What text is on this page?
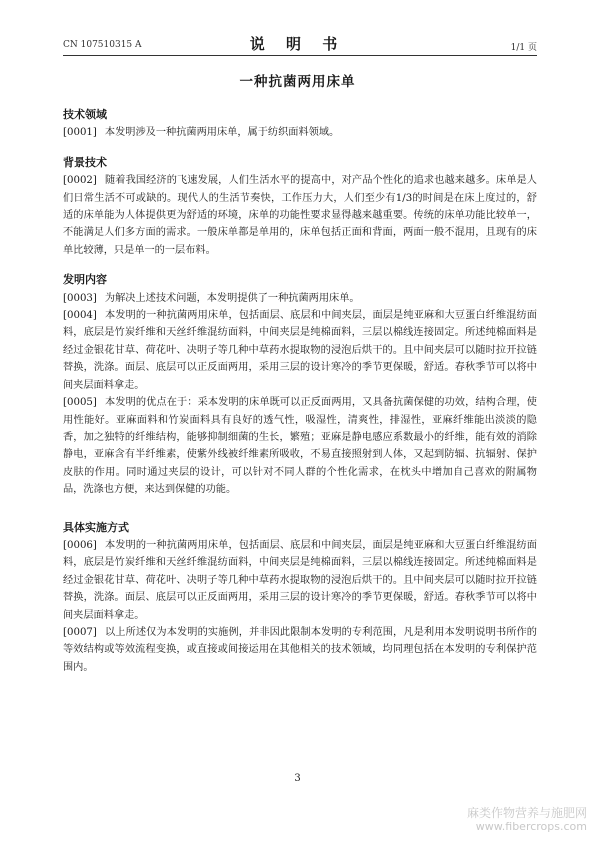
CN 107510315 A	说 明 书	1/1 页
一种抗菌两用床单
技术领域
[0001] 本发明涉及一种抗菌两用床单，属于纺织面料领域。
背景技术
[0002] 随着我国经济的飞速发展，人们生活水平的提高中，对产品个性化的追求也越来越多。床单是人们日常生活不可或缺的。现代人的生活节奏快，工作压力大，人们至少有1/3的时间是在床上度过的，舒适的床单能为人体提供更为舒适的环境，床单的功能性要求显得越来越重要。传统的床单功能比较单一，不能满足人们多方面的需求。一般床单都是单用的，床单包括正面和背面，两面一般不混用，且现有的床单比较薄，只是单一的一层布料。
发明内容
[0003] 为解决上述技术问题，本发明提供了一种抗菌两用床单。
[0004] 本发明的一种抗菌两用床单，包括面层、底层和中间夹层，面层是纯亚麻和大豆蛋白纤维混纺面料，底层是竹炭纤维和天丝纤维混纺面料，中间夹层是纯棉面料，三层以棉线连接固定。所述纯棉面料是经过金银花甘草、荷花叶、决明子等几种中草药水提取物的浸泡后烘干的。且中间夹层可以随时拉开拉链替换，洗涤。面层、底层可以正反面两用，采用三层的设计寒冷的季节更保暖，舒适。春秋季节可以将中间夹层面料拿走。
[0005] 本发明的优点在于：采本发明的床单既可以正反面两用，又具备抗菌保健的功效，结构合理，使用性能好。亚麻面料和竹炭面料具有良好的透气性，吸湿性，清爽性，排湿性，亚麻纤维能出淡淡的隐香，加之独特的纤维结构，能够抑制细菌的生长，繁殖；亚麻是静电感应系数最小的纤维，能有效的消除静电，亚麻含有半纤维素，使紫外线被纤维素所吸收，不易直接照射到人体，又起到防辐、抗辐射、保护皮肤的作用。同时通过夹层的设计，可以针对不同人群的个性化需求，在枕头中增加自己喜欢的附属物品，洗涤也方便，来达到保健的功能。
具体实施方式
[0006] 本发明的一种抗菌两用床单，包括面层、底层和中间夹层，面层是纯亚麻和大豆蛋白纤维混纺面料，底层是竹炭纤维和天丝纤维混纺面料，中间夹层是纯棉面料，三层以棉线连接固定。所述纯棉面料是经过金银花甘草、荷花叶、决明子等几种中草药水提取物的浸泡后烘干的。且中间夹层可以随时拉开拉链替换，洗涤。面层、底层可以正反面两用，采用三层的设计寒冷的季节更保暖，舒适。春秋季节可以将中间夹层面料拿走。
[0007] 以上所述仅为本发明的实施例，并非因此限制本发明的专利范围，凡是利用本发明说明书所作的等效结构或等效流程变换，或直接或间接运用在其他相关的技术领域，均同理包括在本发明的专利保护范围内。
3
麻类作物营养与施肥网
www.fibercrops.com
